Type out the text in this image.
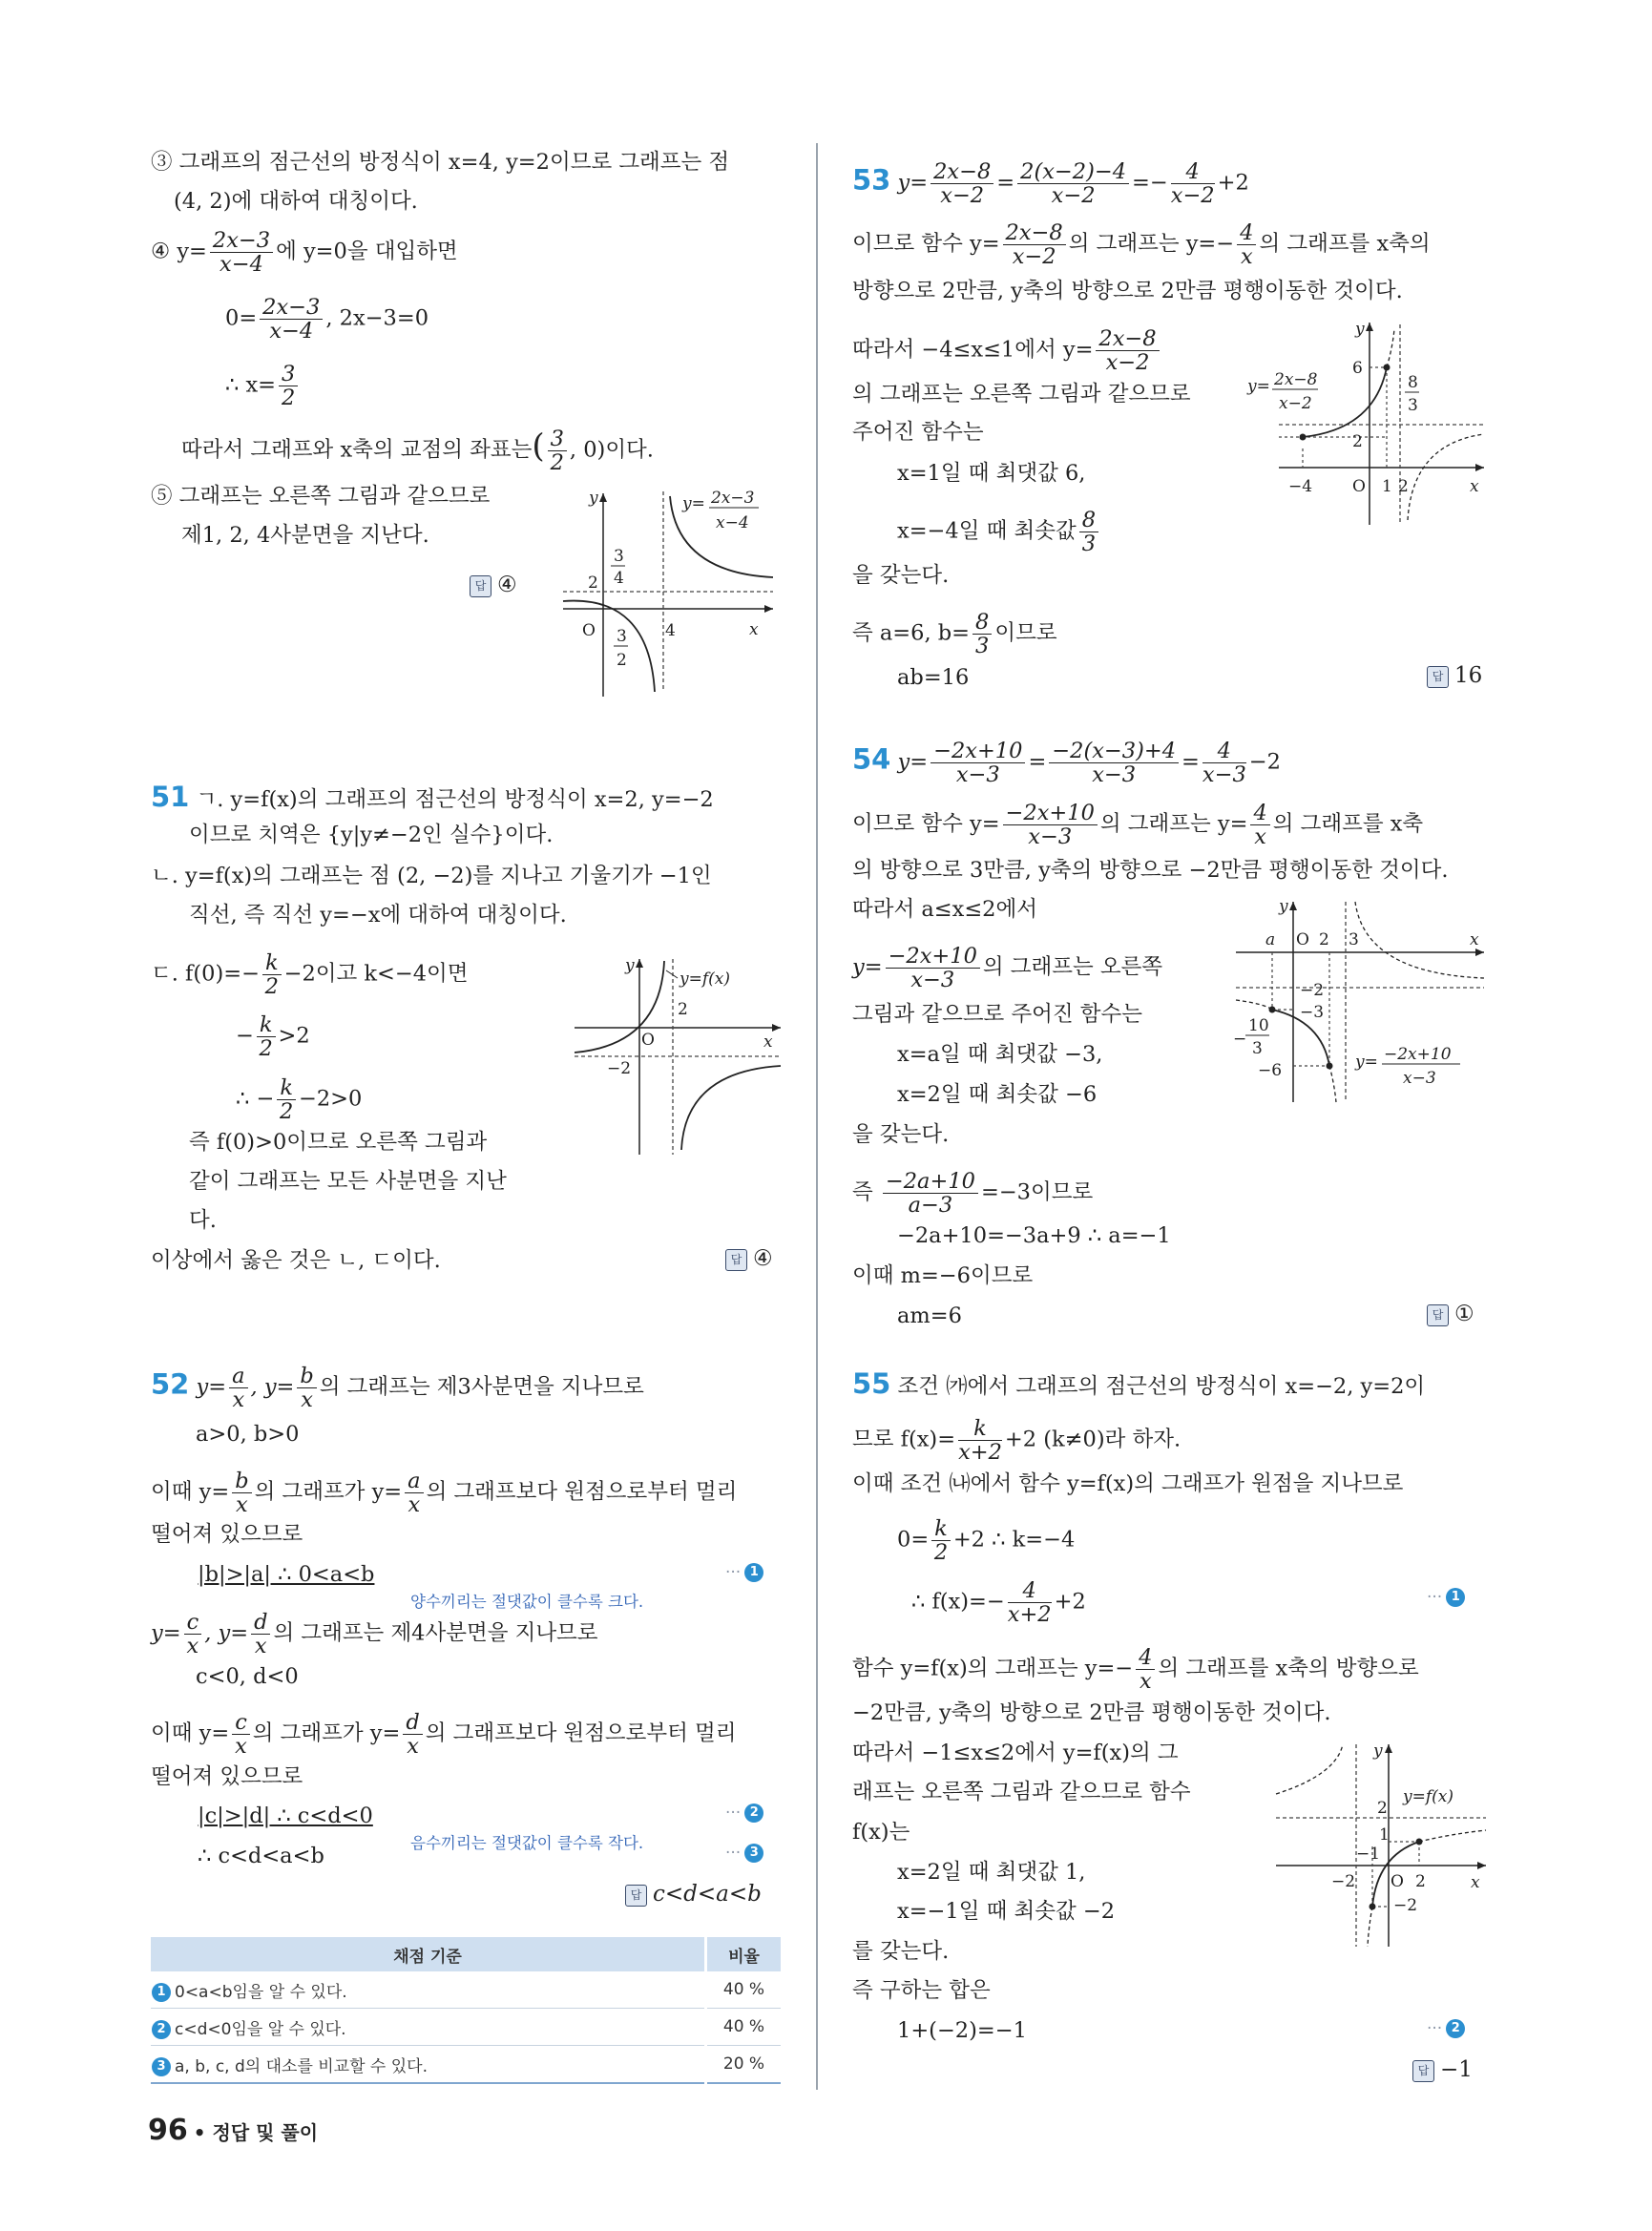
③ 그래프의 점근선의 방정식이 x=4, y=2이므로 그래프는 점
(4, 2)에 대하여 대칭이다.
④ $y= \frac{2x-3}{x-4}$ 에 y=0을 대입하면
$0= \frac{2x-3}{x-4}$ , 2x−3=0
∴ $x= \frac{3}{2}$
따라서 그래프와 x축의 교점의 좌표는( $\frac{3}{2}$ , 0)이다.
⑤ 그래프는 오른쪽 그림과 같으므로
제1, 2, 4사분면을 지난다.
답 ④
y
x
O	4
2
3
4
3
2
y= 2x−3
x−4
51 ㄱ. y=f(x)의 그래프의 점근선의 방정식이 x=2, y=−2
이므로 치역은 {y|y≠−2인 실수}이다.
ㄴ. y=f(x)의 그래프는 점 (2, −2)를 지나고 기울기가 −1인
직선, 즉 직선 y=−x에 대하여 대칭이다.
ㄷ. $f(0)=- \frac{k}{2} -2$이고 k<−4이면
− $\frac{k}{2} >2$
∴ − $\frac{k}{2} -2>0$
즉 f(0)>0이므로 오른쪽 그림과
같이 그래프는 모든 사분면을 지난
다.
이상에서 옳은 것은 ㄴ, ㄷ이다.	답 ④
y
x
O
2
−2
y=f(x)
52 $y= \frac{a}{x}$ , $y= \frac{b}{x}$ 의 그래프는 제3사분면을 지나므로
a>0, b>0
이때 $y= \frac{b}{x}$ 의 그래프가 $y= \frac{a}{x}$ 의 그래프보다 원점으로부터 멀리
떨어져 있으므로
|b|>|a| ∴ 0<a<b
양수끼리는 절댓값이 클수록 크다.
··· 1
$y= \frac{c}{x}$ , $y= \frac{d}{x}$ 의 그래프는 제4사분면을 지나므로
c<0, d<0
이때 $y= \frac{c}{x}$ 의 그래프가 $y= \frac{d}{x}$ 의 그래프보다 원점으로부터 멀리
떨어져 있으므로
|c|>|d| ∴ c<d<0
음수끼리는 절댓값이 클수록 작다.
··· 2
∴ c<d<a<b	··· 3
답 c<d<a<b
채점 기준	비율
1 0<a<b임을 알 수 있다.	40 %
2 c<d<0임을 알 수 있다.	40 %
3 a, b, c, d의 대소를 비교할 수 있다.	20 %
53 $y= \frac{2x-8}{x-2} = \frac{2(x-2)-4}{x-2} =- \frac{4}{x-2} +2$
이므로 함수 $y= \frac{2x-8}{x-2}$ 의 그래프는 $y=- \frac{4}{x}$ 의 그래프를 x축의
방향으로 2만큼, y축의 방향으로 2만큼 평행이동한 것이다.
따라서 −4≤x≤1에서 $y= \frac{2x-8}{x-2}$
의 그래프는 오른쪽 그림과 같으므로
주어진 함수는
x=1일 때 최댓값 6,
x=−4일 때 최솟값 $\frac{8}{3}$
을 갖는다.
즉 a=6, $b= \frac{8}{3}$ 이므로
ab=16	답 16
y
x
O 1 2
−4
6
2
8
3
y= 2x−8
x−2
54 $y= \frac{-2x+10}{x-3} = \frac{-2(x-3)+4}{x-3} = \frac{4}{x-3} -2$
이므로 함수 $y= \frac{-2x+10}{x-3}$ 의 그래프는 $y= \frac{4}{x}$ 의 그래프를 x축
의 방향으로 3만큼, y축의 방향으로 −2만큼 평행이동한 것이다.
따라서 a≤x≤2에서
$y= \frac{-2x+10}{x-3}$ 의 그래프는 오른쪽
그림과 같으므로 주어진 함수는
x=a일 때 최댓값 −3,
x=2일 때 최솟값 −6
을 갖는다.
즉 $\frac{-2a+10}{a-3} =-3$이므로
−2a+10=−3a+9 ∴ a=−1
이때 m=−6이므로
am=6	답 ①
y
x
a O 2 3
−2
−3
−6
10
3
−
y= −2x+10
x−3
55 조건 ㈎에서 그래프의 점근선의 방정식이 x=−2, y=2이
므로 $f(x)= \frac{k}{x+2} +2$ (k≠0)라 하자.
이때 조건 ㈏에서 함수 y=f(x)의 그래프가 원점을 지나므로
$0= \frac{k}{2} +2$ ∴ k=−4
∴ $f(x)=- \frac{4}{x+2} +2$	··· 1
함수 y=f(x)의 그래프는 $y=- \frac{4}{x}$ 의 그래프를 x축의 방향으로
−2만큼, y축의 방향으로 2만큼 평행이동한 것이다.
따라서 −1≤x≤2에서 y=f(x)의 그
래프는 오른쪽 그림과 같으므로 함수
f(x)는
x=2일 때 최댓값 1,
x=−1일 때 최솟값 −2
를 갖는다.
즉 구하는 합은
1+(−2)=−1	··· 2
답 −1
y
x
O 2
−2
−1
2
1
−2
y=f(x)
96 • 정답 및 풀이
